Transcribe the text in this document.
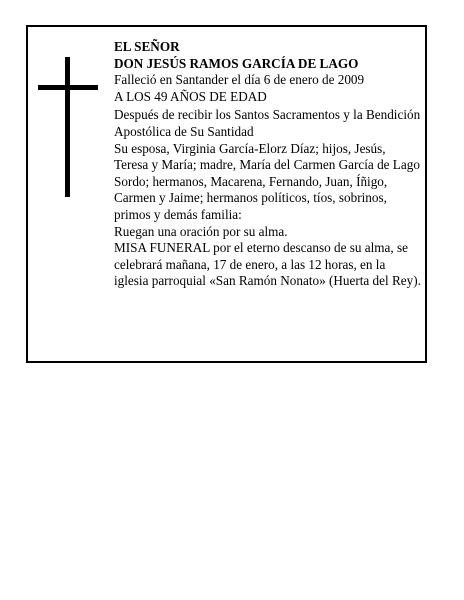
EL SEÑOR

DON JESÚS RAMOS GARCÍA DE LAGO

Falleció en Santander el día 6 de enero de 2009

A LOS 49 AÑOS DE EDAD

Después de recibir los Santos Sacramentos y la Bendición Apostólica de Su Santidad

Su esposa, Virginia García-Elorz Díaz; hijos, Jesús, Teresa y María; madre, María del Carmen García de Lago Sordo; hermanos, Macarena, Fernando, Juan, Íñigo, Carmen y Jaime; hermanos políticos, tíos, sobrinos, primos y demás familia:

Ruegan una oración por su alma.

MISA FUNERAL por el eterno descanso de su alma, se celebrará mañana, 17 de enero, a las 12 horas, en la iglesia parroquial «San Ramón Nonato» (Huerta del Rey).
